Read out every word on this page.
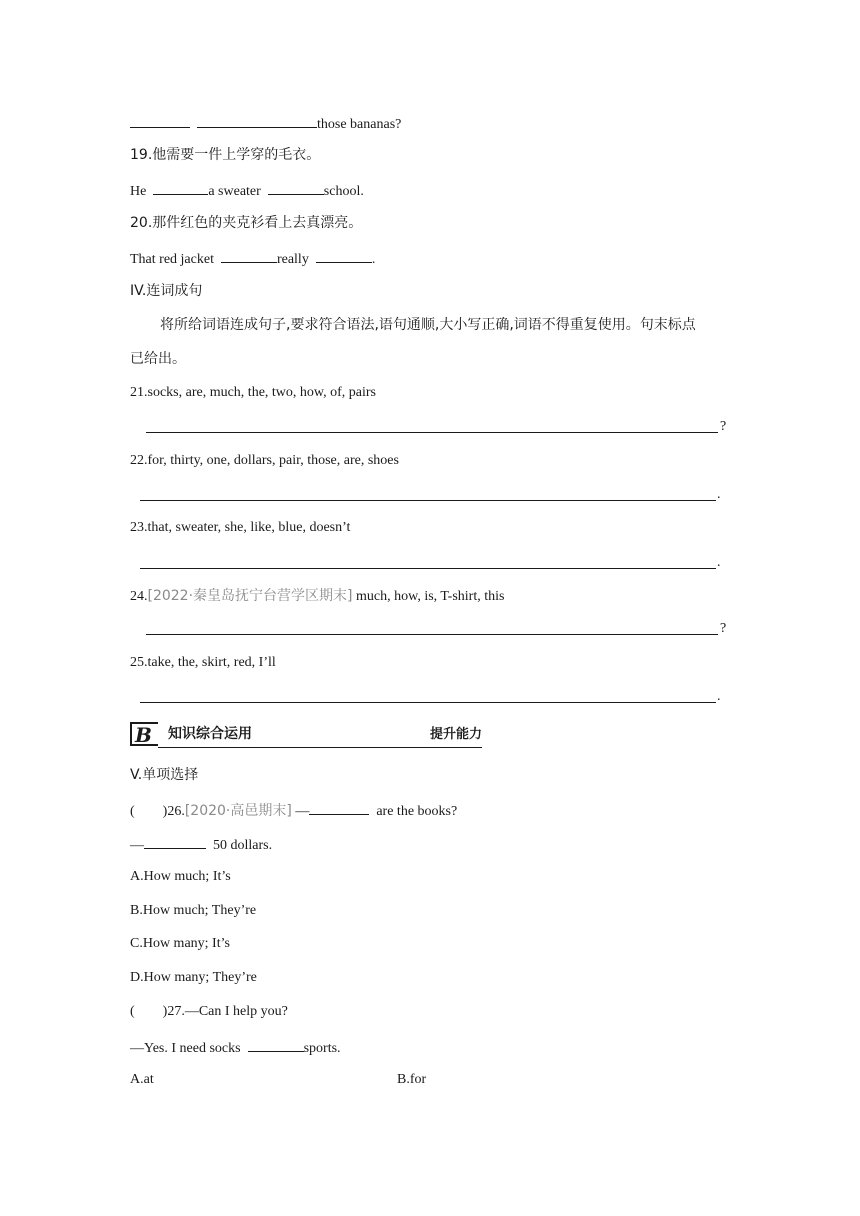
those bananas?
19.他需要一件上学穿的毛衣。
He	a sweater	school.
20.那件红色的夹克衫看上去真漂亮。
That red jacket	really	.
IV.连词成句
将所给词语连成句子,要求符合语法,语句通顺,大小写正确,词语不得重复使用。句末标点
已给出。
21.socks, are, much, the, two, how, of, pairs
?
22.for, thirty, one, dollars, pair, those, are, shoes
.
23.that, sweater, she, like, blue, doesn’t
.
24.[2022·秦皇岛抚宁台营学区期末] much, how, is, T-shirt, this
?
25.take, the, skirt, red, I’ll
.
B 知识综合运用	提升能力
V.单项选择
(　　)26.[2020·高邑期末] —	are the books?
—	50 dollars.
A.How much; It’s
B.How much; They’re
C.How many; It’s
D.How many; They’re
(　　)27.—Can I help you?
—Yes. I need socks	sports.
A.at	B.for
